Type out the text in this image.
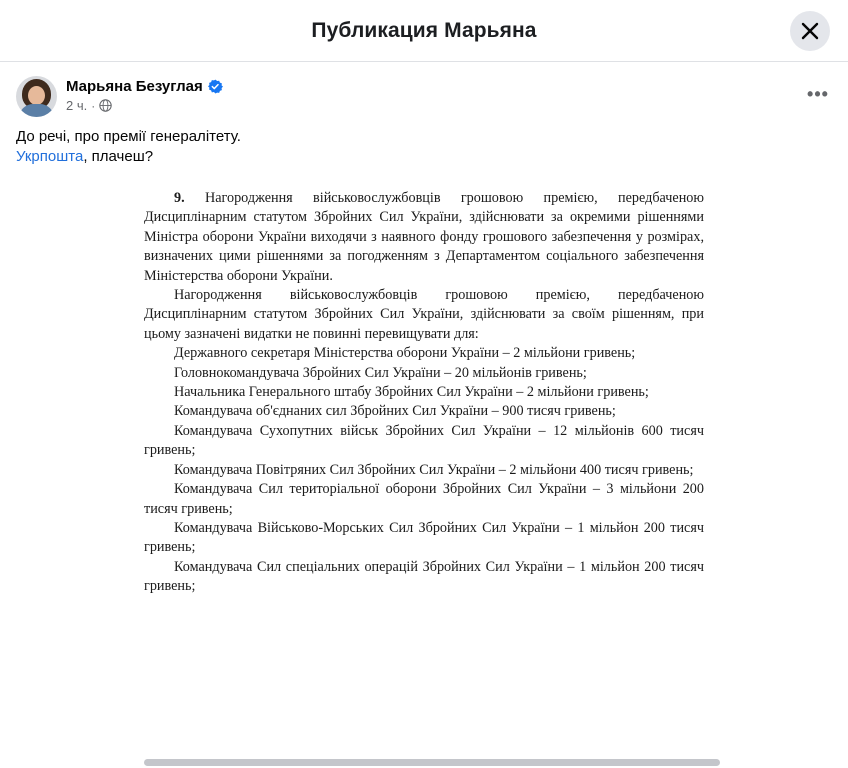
Публикация Марьяна
Марьяна Безуглая
2 ч. ·
•••

До речі, про премії генералітету.

Укрпошта, плачеш?

9. Нагородження військовослужбовців грошовою премією, передбаченою Дисциплінарним статутом Збройних Сил України, здійснювати за окремими рішеннями Міністра оборони України виходячи з наявного фонду грошового забезпечення у розмірах, визначених цими рішеннями за погодженням з Департаментом соціального забезпечення Міністерства оборони України.

Нагородження військовослужбовців грошовою премією, передбаченою Дисциплінарним статутом Збройних Сил України, здійснювати за своїм рішенням, при цьому зазначені видатки не повинні перевищувати для:

Державного секретаря Міністерства оборони України – 2 мільйони гривень;

Головнокомандувача Збройних Сил України – 20 мільйонів гривень;

Начальника Генерального штабу Збройних Сил України – 2 мільйони гривень;

Командувача об'єднаних сил Збройних Сил України – 900 тисяч гривень;

Командувача Сухопутних військ Збройних Сил України – 12 мільйонів 600 тисяч гривень;

Командувача Повітряних Сил Збройних Сил України – 2 мільйони 400 тисяч гривень;

Командувача Сил територіальної оборони Збройних Сил України – 3 мільйони 200 тисяч гривень;

Командувача Військово-Морських Сил Збройних Сил України – 1 мільйон 200 тисяч гривень;

Командувача Сил спеціальних операцій Збройних Сил України – 1 мільйон 200 тисяч гривень;
